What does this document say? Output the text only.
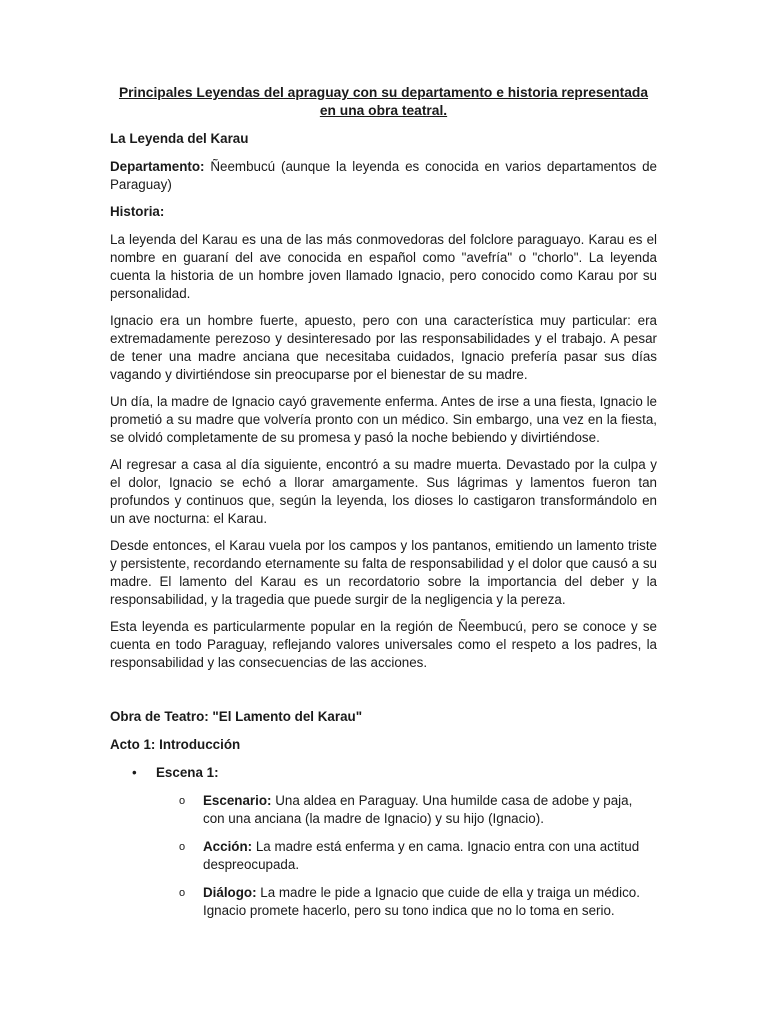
Principales Leyendas del apraguay con su departamento e historia representada en una obra teatral.
La Leyenda del Karau

Departamento: Ñeembucú (aunque la leyenda es conocida en varios departamentos de Paraguay)

Historia:

La leyenda del Karau es una de las más conmovedoras del folclore paraguayo. Karau es el nombre en guaraní del ave conocida en español como "avefría" o "chorlo". La leyenda cuenta la historia de un hombre joven llamado Ignacio, pero conocido como Karau por su personalidad.

Ignacio era un hombre fuerte, apuesto, pero con una característica muy particular: era extremadamente perezoso y desinteresado por las responsabilidades y el trabajo. A pesar de tener una madre anciana que necesitaba cuidados, Ignacio prefería pasar sus días vagando y divirtiéndose sin preocuparse por el bienestar de su madre.

Un día, la madre de Ignacio cayó gravemente enferma. Antes de irse a una fiesta, Ignacio le prometió a su madre que volvería pronto con un médico. Sin embargo, una vez en la fiesta, se olvidó completamente de su promesa y pasó la noche bebiendo y divirtiéndose.

Al regresar a casa al día siguiente, encontró a su madre muerta. Devastado por la culpa y el dolor, Ignacio se echó a llorar amargamente. Sus lágrimas y lamentos fueron tan profundos y continuos que, según la leyenda, los dioses lo castigaron transformándolo en un ave nocturna: el Karau.

Desde entonces, el Karau vuela por los campos y los pantanos, emitiendo un lamento triste y persistente, recordando eternamente su falta de responsabilidad y el dolor que causó a su madre. El lamento del Karau es un recordatorio sobre la importancia del deber y la responsabilidad, y la tragedia que puede surgir de la negligencia y la pereza.

Esta leyenda es particularmente popular en la región de Ñeembucú, pero se conoce y se cuenta en todo Paraguay, reflejando valores universales como el respeto a los padres, la responsabilidad y las consecuencias de las acciones.

Obra de Teatro: "El Lamento del Karau"
Acto 1: Introducción
• Escena 1:
o Escenario: Una aldea en Paraguay. Una humilde casa de adobe y paja, con una anciana (la madre de Ignacio) y su hijo (Ignacio).
o Acción: La madre está enferma y en cama. Ignacio entra con una actitud despreocupada.
o Diálogo: La madre le pide a Ignacio que cuide de ella y traiga un médico. Ignacio promete hacerlo, pero su tono indica que no lo toma en serio.
